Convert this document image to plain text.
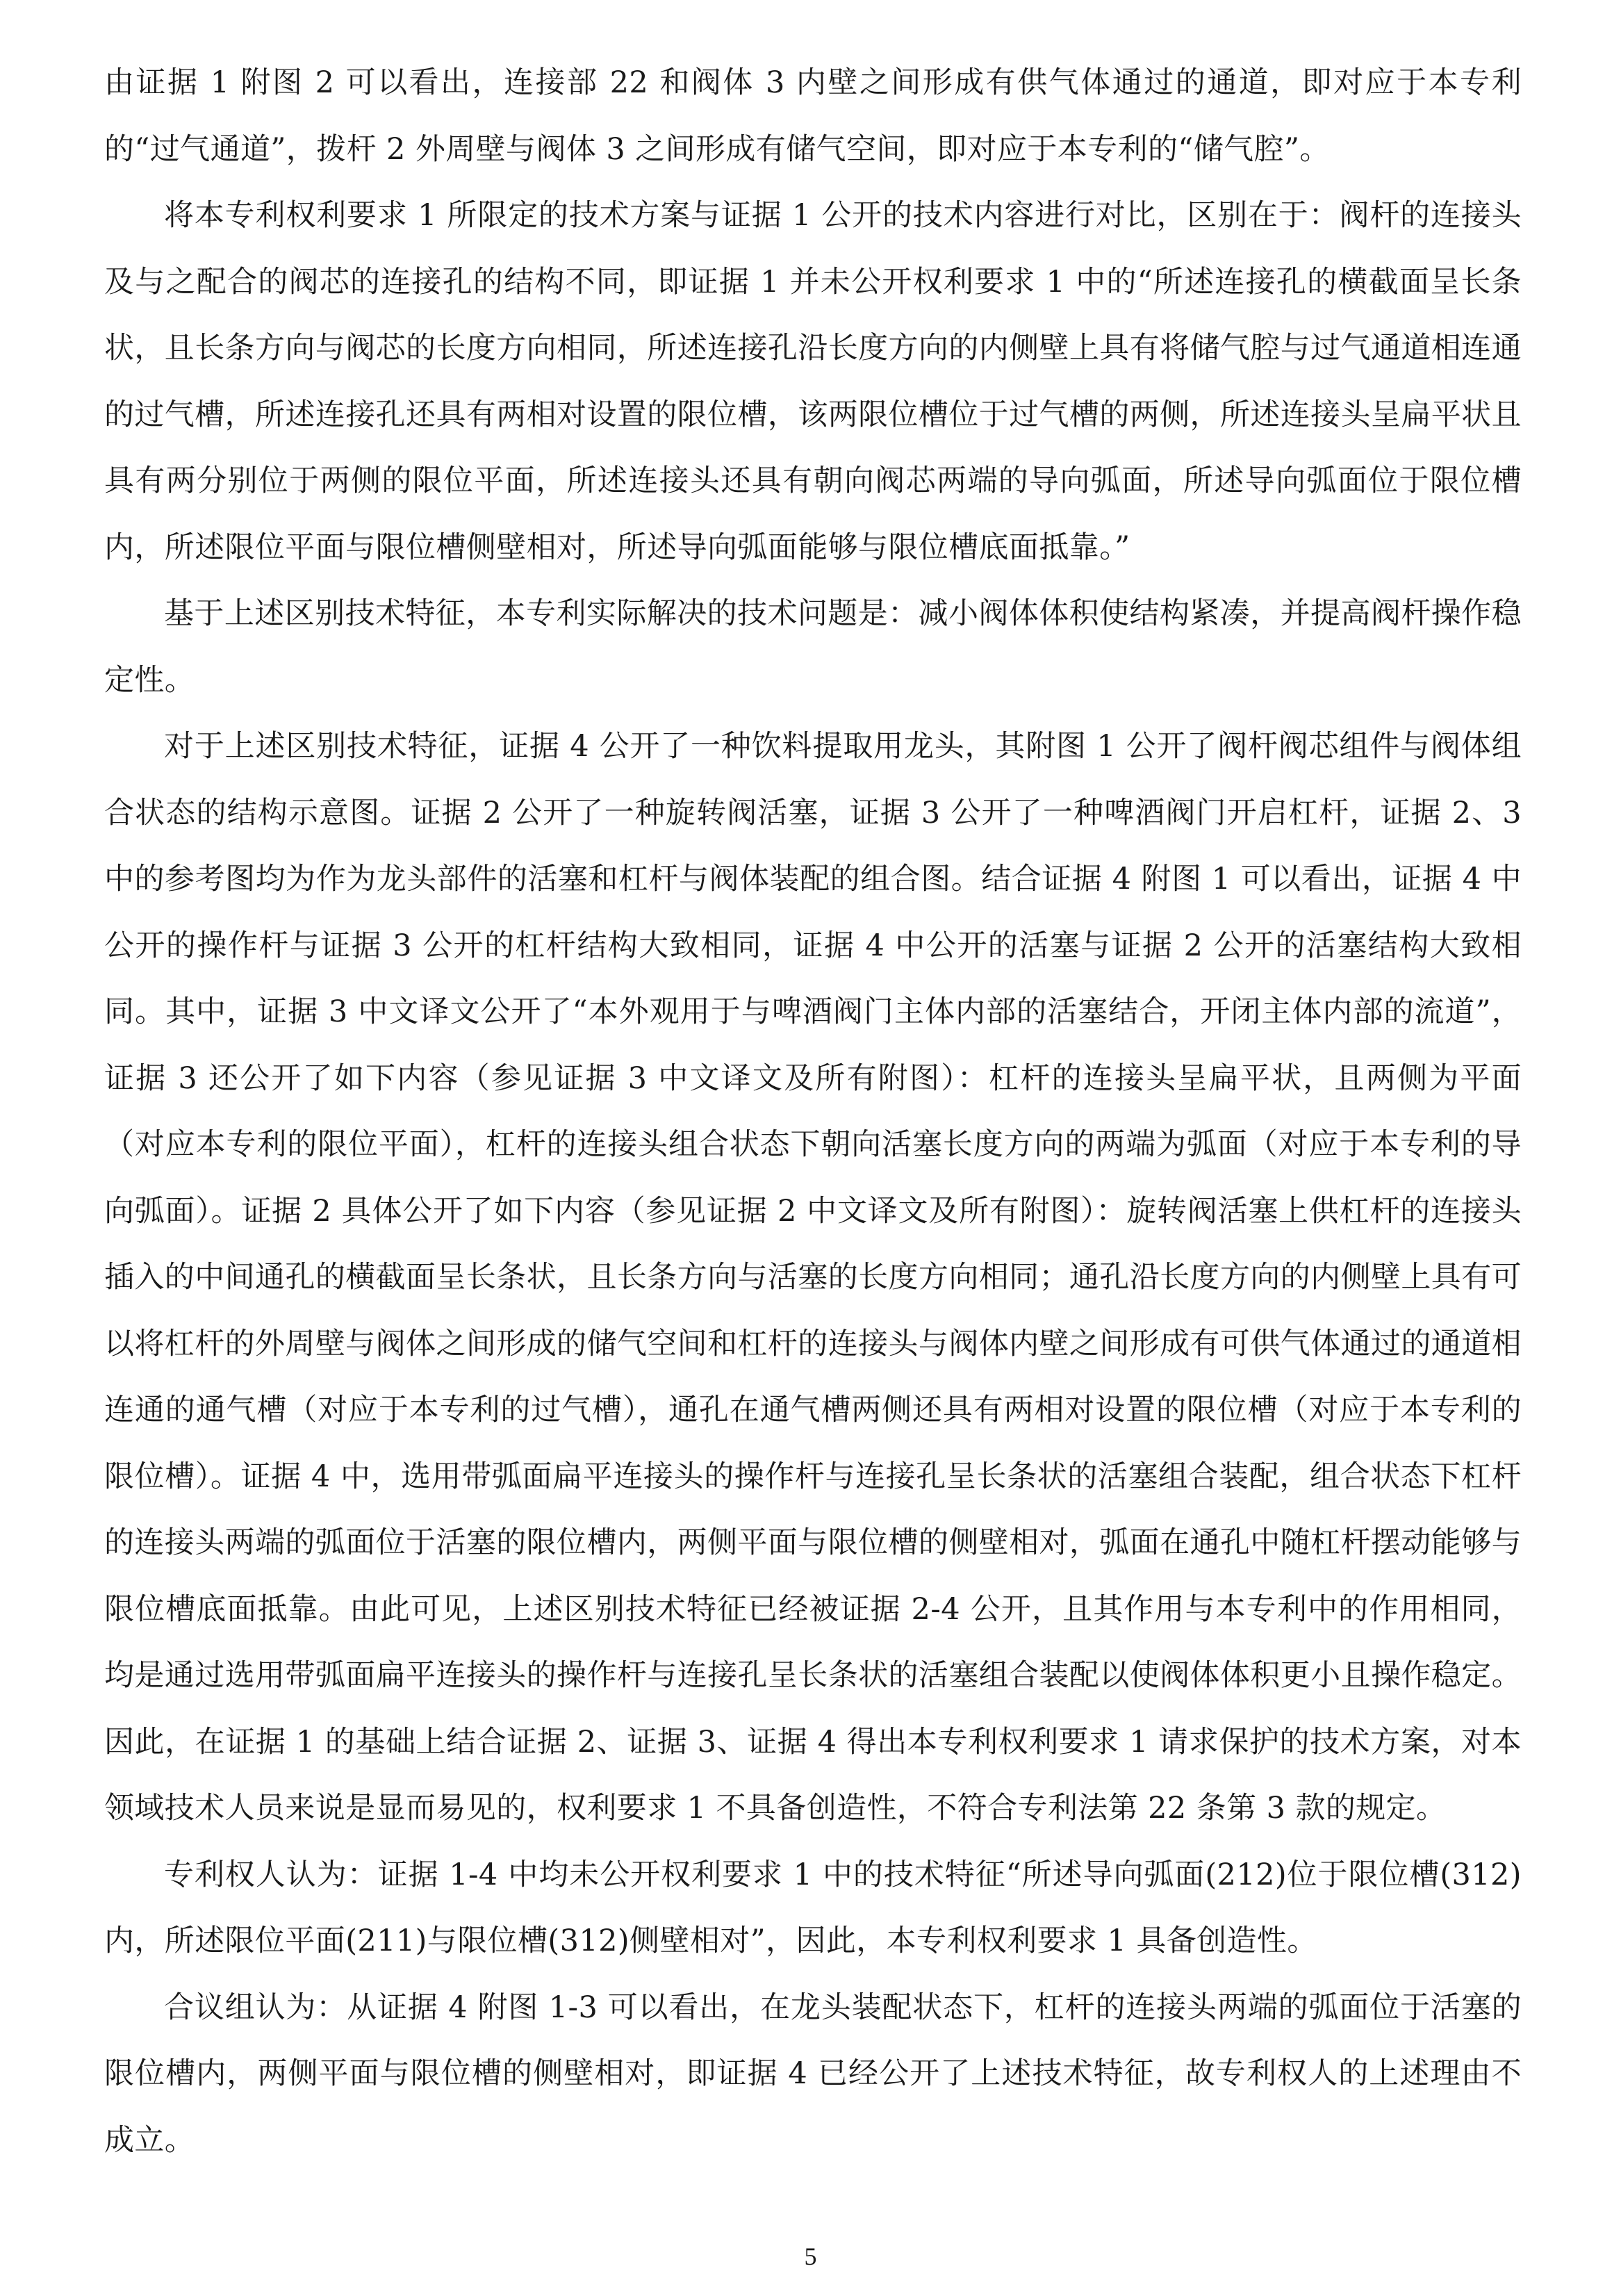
由证据 1 附图 2 可以看出，连接部 22 和阀体 3 内壁之间形成有供气体通过的通道，即对应于本专利的“过气通道”，拨杆 2 外周壁与阀体 3 之间形成有储气空间，即对应于本专利的“储气腔”。

将本专利权利要求 1 所限定的技术方案与证据 1 公开的技术内容进行对比，区别在于：阀杆的连接头及与之配合的阀芯的连接孔的结构不同，即证据 1 并未公开权利要求 1 中的“所述连接孔的横截面呈长条状，且长条方向与阀芯的长度方向相同，所述连接孔沿长度方向的内侧壁上具有将储气腔与过气通道相连通的过气槽，所述连接孔还具有两相对设置的限位槽，该两限位槽位于过气槽的两侧，所述连接头呈扁平状且具有两分别位于两侧的限位平面，所述连接头还具有朝向阀芯两端的导向弧面，所述导向弧面位于限位槽内，所述限位平面与限位槽侧壁相对，所述导向弧面能够与限位槽底面抵靠。”

基于上述区别技术特征，本专利实际解决的技术问题是：减小阀体体积使结构紧凑，并提高阀杆操作稳定性。

对于上述区别技术特征，证据 4 公开了一种饮料提取用龙头，其附图 1 公开了阀杆阀芯组件与阀体组合状态的结构示意图。证据 2 公开了一种旋转阀活塞，证据 3 公开了一种啤酒阀门开启杠杆，证据 2、3 中的参考图均为作为龙头部件的活塞和杠杆与阀体装配的组合图。结合证据 4 附图 1 可以看出，证据 4 中公开的操作杆与证据 3 公开的杠杆结构大致相同，证据 4 中公开的活塞与证据 2 公开的活塞结构大致相同。其中，证据 3 中文译文公开了“本外观用于与啤酒阀门主体内部的活塞结合，开闭主体内部的流道”，证据 3 还公开了如下内容（参见证据 3 中文译文及所有附图）：杠杆的连接头呈扁平状，且两侧为平面（对应本专利的限位平面），杠杆的连接头组合状态下朝向活塞长度方向的两端为弧面（对应于本专利的导向弧面）。证据 2 具体公开了如下内容（参见证据 2 中文译文及所有附图）：旋转阀活塞上供杠杆的连接头插入的中间通孔的横截面呈长条状，且长条方向与活塞的长度方向相同；通孔沿长度方向的内侧壁上具有可以将杠杆的外周壁与阀体之间形成的储气空间和杠杆的连接头与阀体内壁之间形成有可供气体通过的通道相连通的通气槽（对应于本专利的过气槽），通孔在通气槽两侧还具有两相对设置的限位槽（对应于本专利的限位槽）。证据 4 中，选用带弧面扁平连接头的操作杆与连接孔呈长条状的活塞组合装配，组合状态下杠杆的连接头两端的弧面位于活塞的限位槽内，两侧平面与限位槽的侧壁相对，弧面在通孔中随杠杆摆动能够与限位槽底面抵靠。由此可见，上述区别技术特征已经被证据 2-4 公开，且其作用与本专利中的作用相同，均是通过选用带弧面扁平连接头的操作杆与连接孔呈长条状的活塞组合装配以使阀体体积更小且操作稳定。因此，在证据 1 的基础上结合证据 2、证据 3、证据 4 得出本专利权利要求 1 请求保护的技术方案，对本领域技术人员来说是显而易见的，权利要求 1 不具备创造性，不符合专利法第 22 条第 3 款的规定。

专利权人认为：证据 1-4 中均未公开权利要求 1 中的技术特征“所述导向弧面(212)位于限位槽(312)内，所述限位平面(211)与限位槽(312)侧壁相对”，因此，本专利权利要求 1 具备创造性。

合议组认为：从证据 4 附图 1-3 可以看出，在龙头装配状态下，杠杆的连接头两端的弧面位于活塞的限位槽内，两侧平面与限位槽的侧壁相对，即证据 4 已经公开了上述技术特征，故专利权人的上述理由不成立。

5
